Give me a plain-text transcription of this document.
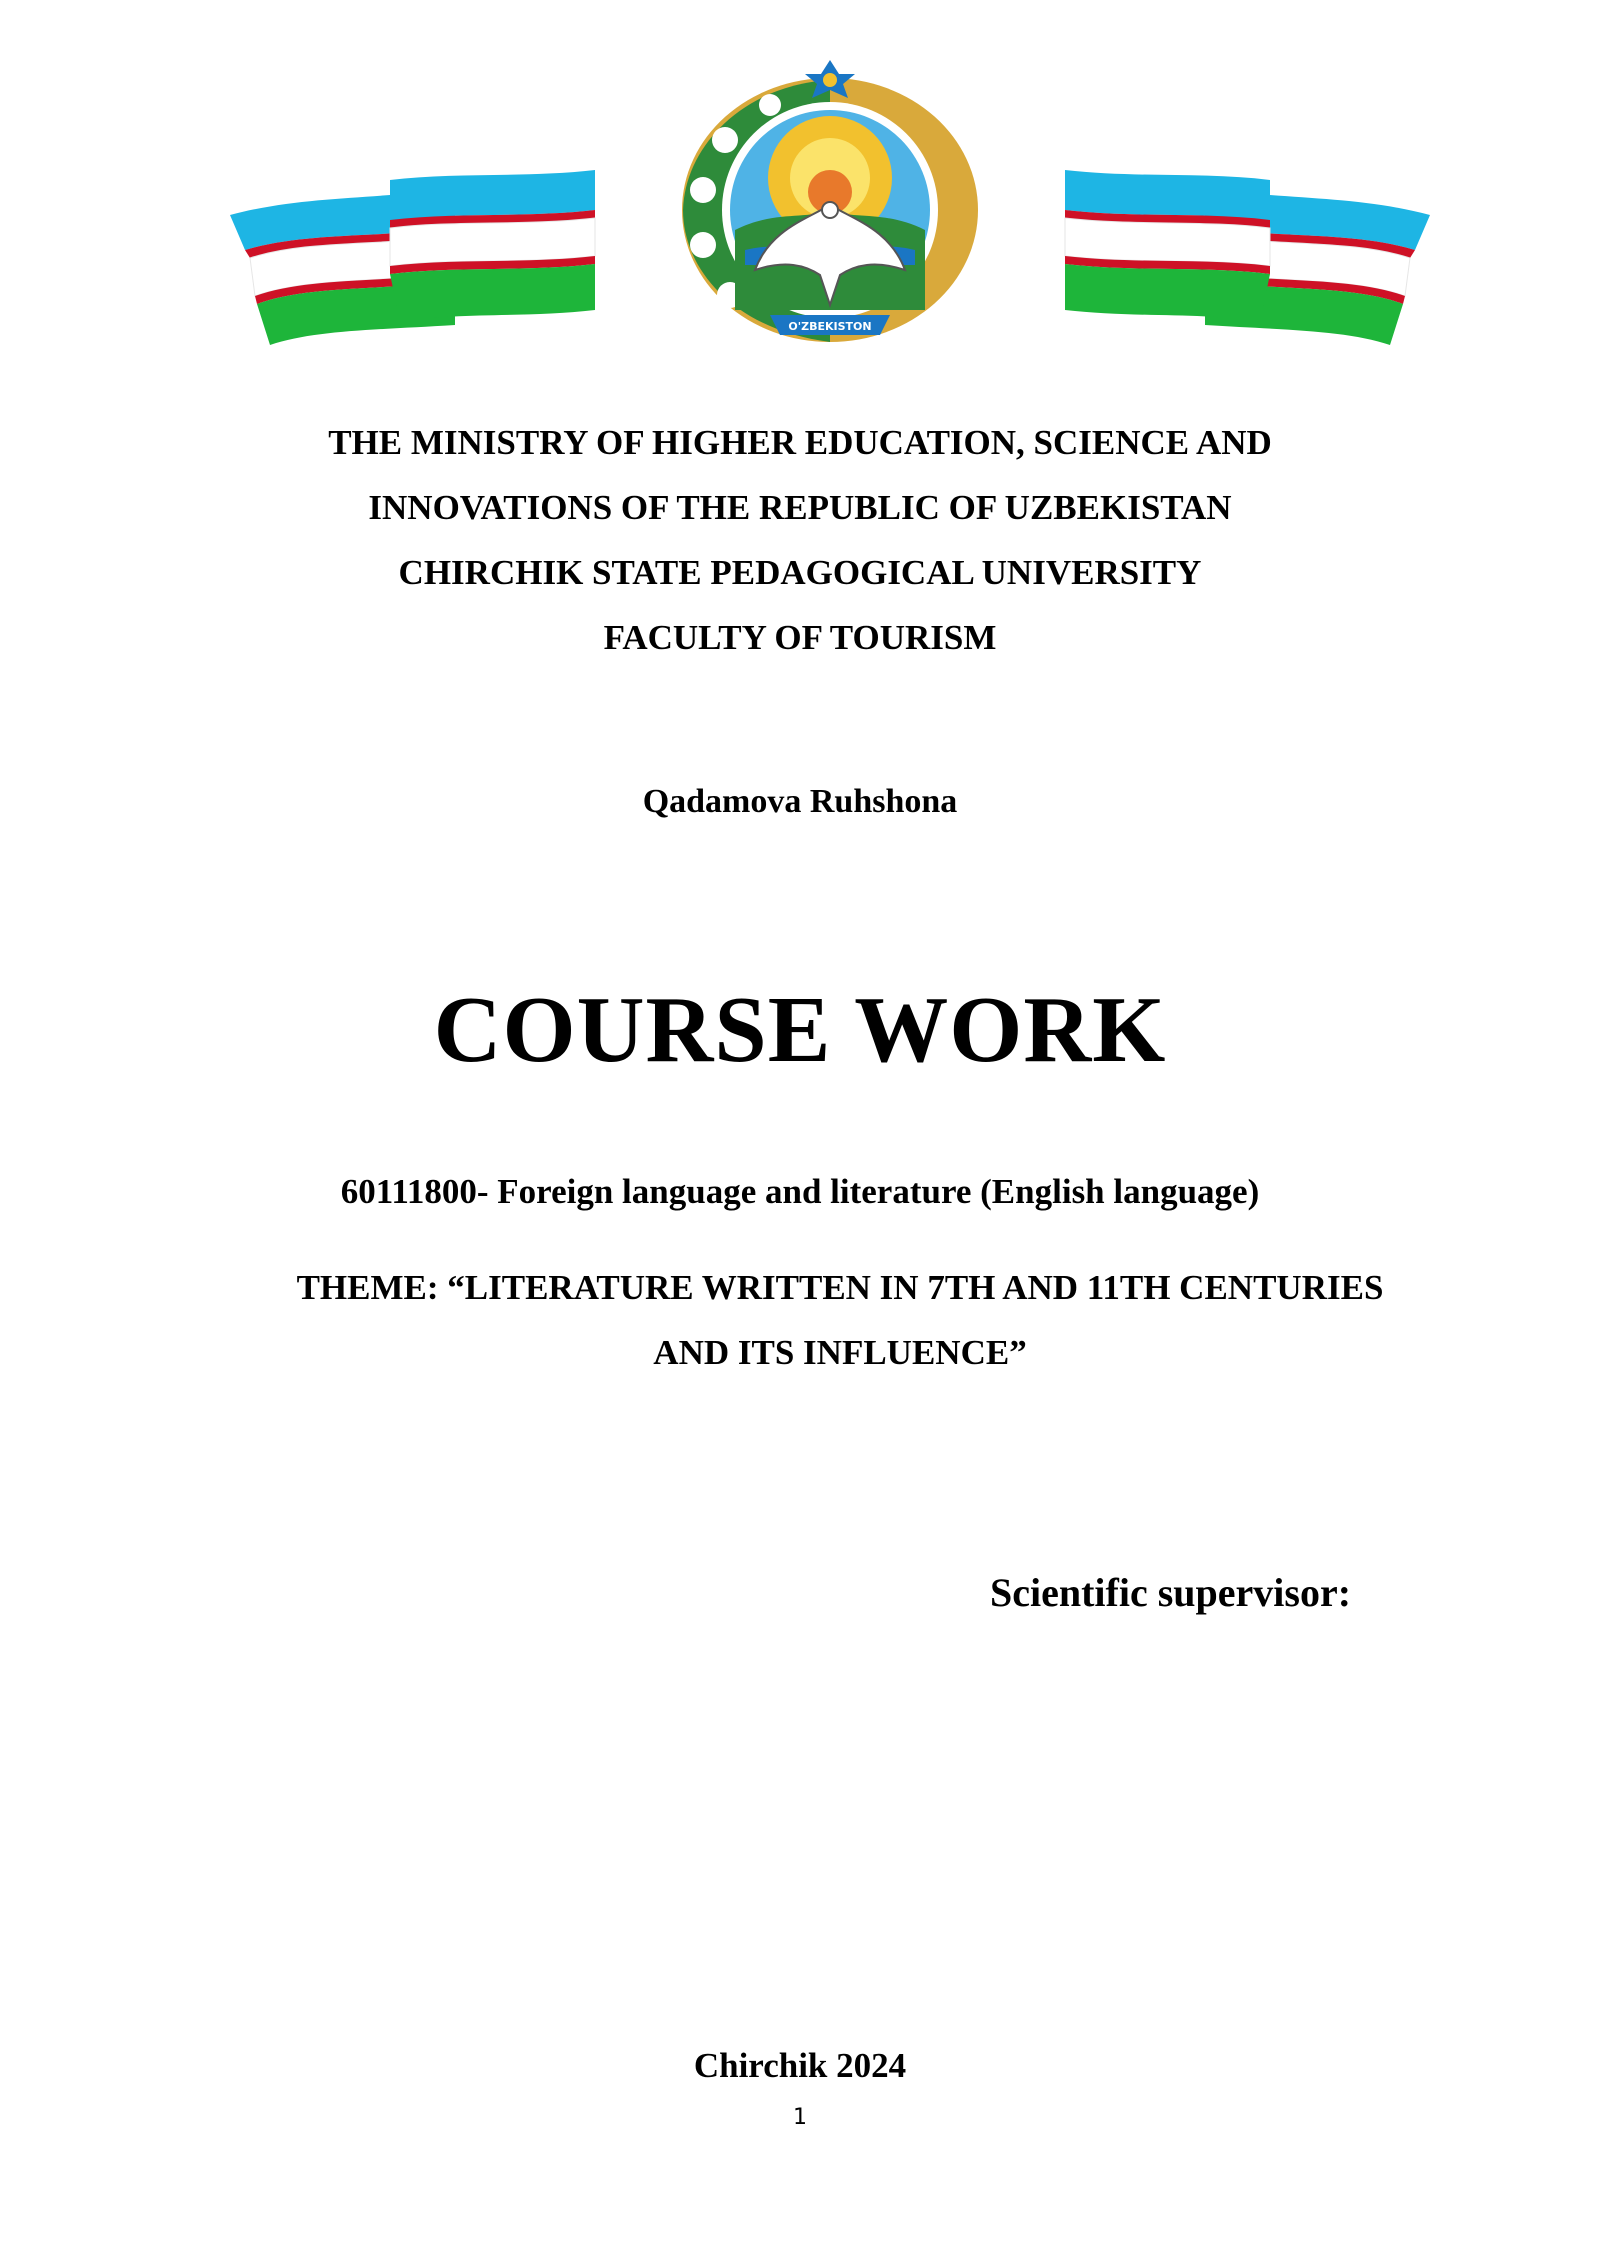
O'ZBEKISTON
THE MINISTRY OF HIGHER EDUCATION, SCIENCE AND
INNOVATIONS OF THE REPUBLIC OF UZBEKISTAN
CHIRCHIK STATE PEDAGOGICAL UNIVERSITY
FACULTY OF TOURISM
Qadamova Ruhshona
COURSE WORK
60111800- Foreign language and literature (English language)
THEME: “LITERATURE WRITTEN IN 7TH AND 11TH CENTURIES
AND ITS INFLUENCE”
Scientific supervisor:
Chirchik 2024
1
